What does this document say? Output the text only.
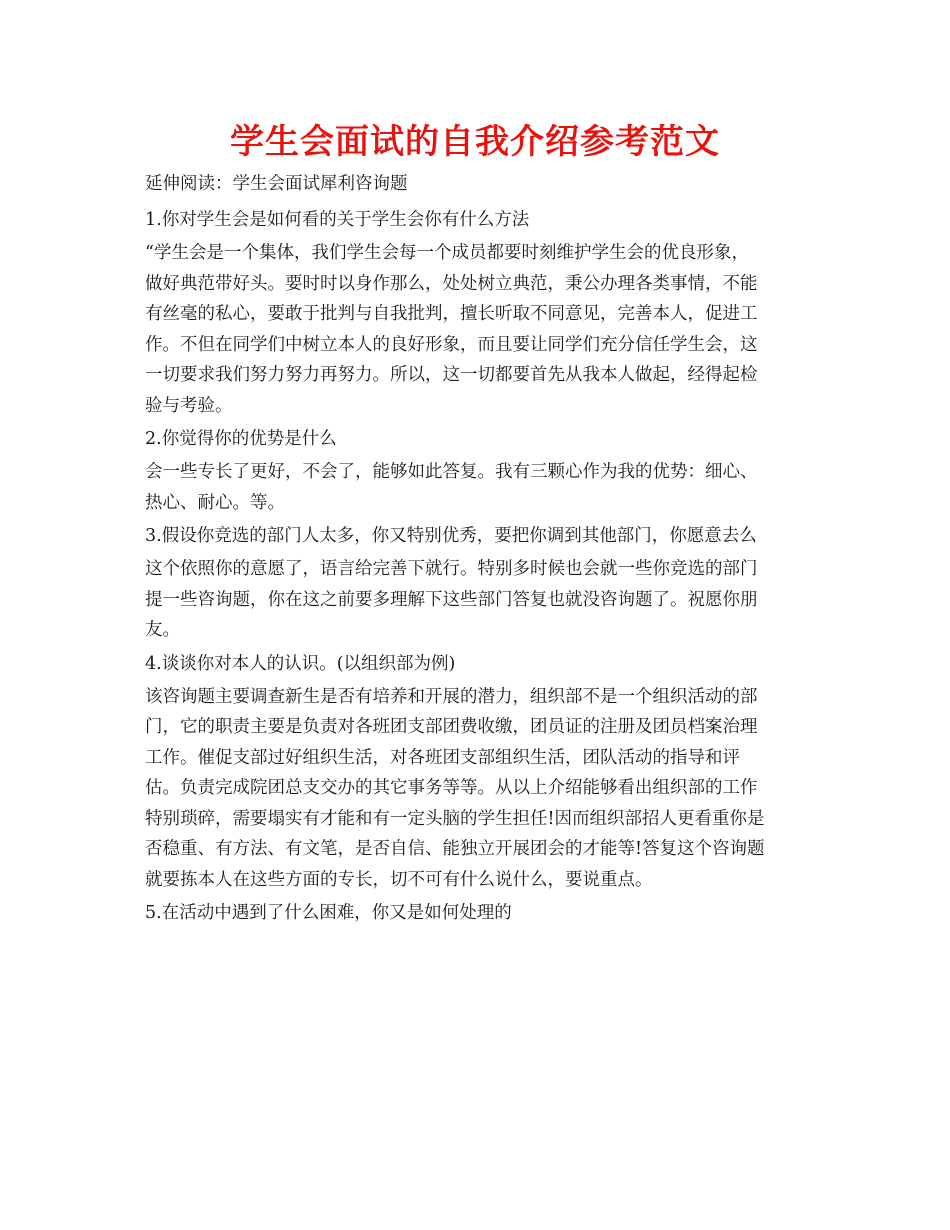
学生会面试的自我介绍参考范文

延伸阅读：学生会面试犀利咨询题

1.你对学生会是如何看的关于学生会你有什么方法

“学生会是一个集体，我们学生会每一个成员都要时刻维护学生会的优良形象，
做好典范带好头。要时时以身作那么，处处树立典范，秉公办理各类事情，不能
有丝毫的私心，要敢于批判与自我批判，擅长听取不同意见，完善本人，促进工
作。不但在同学们中树立本人的良好形象，而且要让同学们充分信任学生会，这
一切要求我们努力努力再努力。所以，这一切都要首先从我本人做起，经得起检
验与考验。

2.你觉得你的优势是什么

会一些专长了更好，不会了，能够如此答复。我有三颗心作为我的优势：细心、
热心、耐心。等。

3.假设你竞选的部门人太多，你又特别优秀，要把你调到其他部门，你愿意去么

这个依照你的意愿了，语言给完善下就行。特别多时候也会就一些你竞选的部门
提一些咨询题，你在这之前要多理解下这些部门答复也就没咨询题了。祝愿你朋
友。

4.谈谈你对本人的认识。(以组织部为例)

该咨询题主要调查新生是否有培养和开展的潜力，组织部不是一个组织活动的部
门，它的职责主要是负责对各班团支部团费收缴，团员证的注册及团员档案治理
工作。催促支部过好组织生活，对各班团支部组织生活，团队活动的指导和评
估。负责完成院团总支交办的其它事务等等。从以上介绍能够看出组织部的工作
特别琐碎，需要塌实有才能和有一定头脑的学生担任!因而组织部招人更看重你是
否稳重、有方法、有文笔，是否自信、能独立开展团会的才能等!答复这个咨询题
就要拣本人在这些方面的专长，切不可有什么说什么，要说重点。

5.在活动中遇到了什么困难，你又是如何处理的
